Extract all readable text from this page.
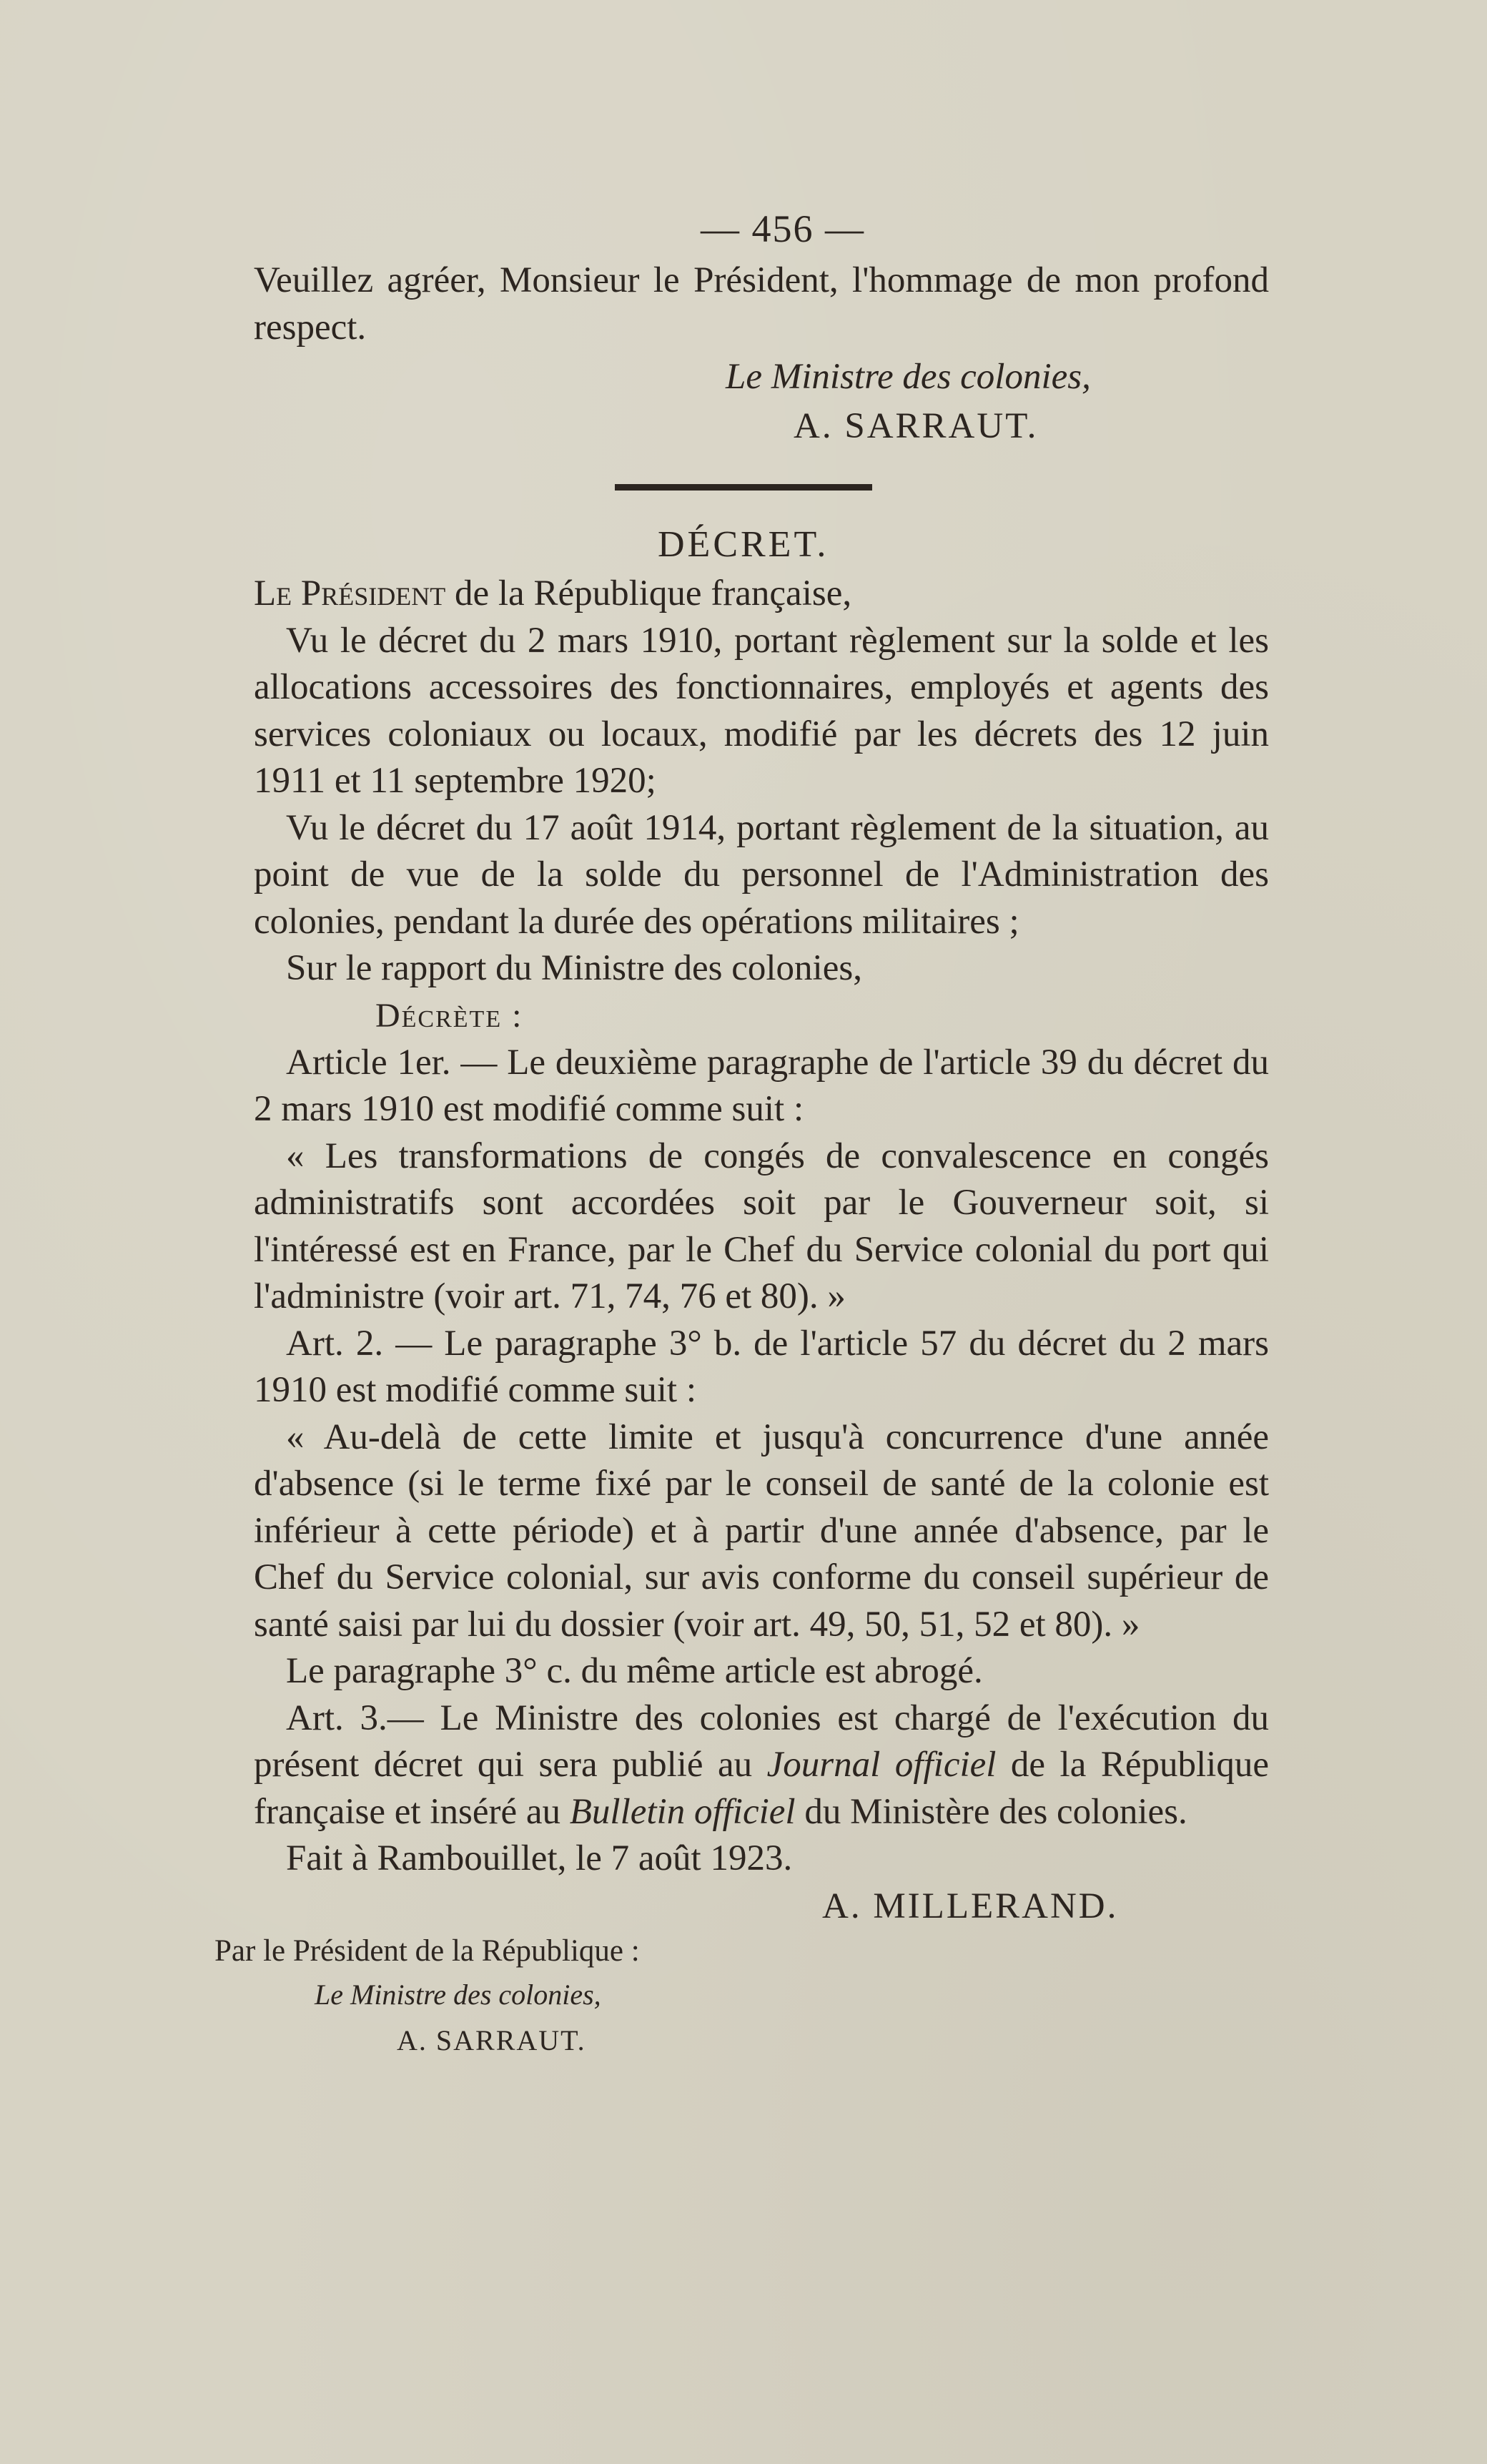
— 456 —

Veuillez agréer, Monsieur le Président, l'hommage de mon profond respect.

Le Ministre des colonies,
A. SARRAUT.
DÉCRET.

Le Président de la République française,

Vu le décret du 2 mars 1910, portant règlement sur la solde et les allocations accessoires des fonctionnaires, employés et agents des services coloniaux ou locaux, modifié par les décrets des 12 juin 1911 et 11 septembre 1920;

Vu le décret du 17 août 1914, portant règlement de la situation, au point de vue de la solde du personnel de l'Administration des colonies, pendant la durée des opérations militaires ;

Sur le rapport du Ministre des colonies,

Décrète :

Article 1er. — Le deuxième paragraphe de l'article 39 du décret du 2 mars 1910 est modifié comme suit :

« Les transformations de congés de convalescence en congés administratifs sont accordées soit par le Gouverneur soit, si l'intéressé est en France, par le Chef du Service colonial du port qui l'administre (voir art. 71, 74, 76 et 80). »

Art. 2. — Le paragraphe 3° b. de l'article 57 du décret du 2 mars 1910 est modifié comme suit :

« Au-delà de cette limite et jusqu'à concurrence d'une année d'absence (si le terme fixé par le conseil de santé de la colonie est inférieur à cette période) et à partir d'une année d'absence, par le Chef du Service colonial, sur avis conforme du conseil supérieur de santé saisi par lui du dossier (voir art. 49, 50, 51, 52 et 80). »

Le paragraphe 3° c. du même article est abrogé.

Art. 3.— Le Ministre des colonies est chargé de l'exécution du présent décret qui sera publié au Journal officiel de la République française et inséré au Bulletin officiel du Ministère des colonies.

Fait à Rambouillet, le 7 août 1923.

A. MILLERAND.
Par le Président de la République :
Le Ministre des colonies,
A. SARRAUT.
